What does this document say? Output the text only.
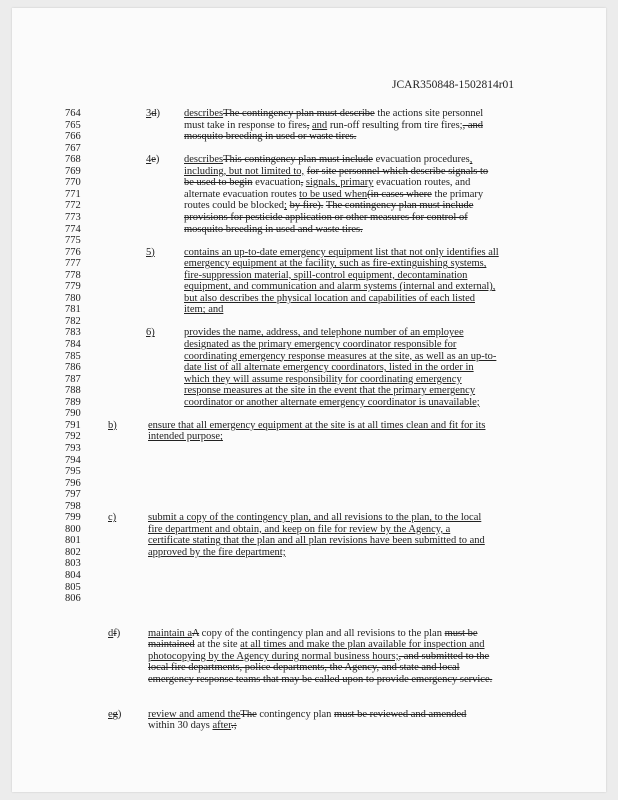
JCAR350848-1502814r01
764
765
766
767
768
769
770
771
772
773
774
775
776
777
778
779
780
781
782
783
784
785
786
787
788
789
790
791
792
793
794
795
796
797
798
799
800
801
802
803
804
805
806
3d) describesThe contingency plan must describe the actions site personnel
must take in response to fires, and run-off resulting from tire fires;, and
mosquito breeding in used or waste tires.
4e) describesThis contingency plan must include evacuation procedures,
including, but not limited to, for site personnel which describe signals to
be used to begin evacuation, signals, primary evacuation routes, and
alternate evacuation routes to be used when(in cases where the primary
routes could be blocked; by fire). The contingency plan must include
provisions for pesticide application or other measures for control of
mosquito breeding in used and waste tires.
5)	contains an up-to-date emergency equipment list that not only identifies all
emergency equipment at the facility, such as fire-extinguishing systems,
fire-suppression material, spill-control equipment, decontamination
equipment, and communication and alarm systems (internal and external),
but also describes the physical location and capabilities of each listed
item; and
6)	provides the name, address, and telephone number of an employee
designated as the primary emergency coordinator responsible for
coordinating emergency response measures at the site, as well as an up-to-
date list of all alternate emergency coordinators, listed in the order in
which they will assume responsibility for coordinating emergency
response measures at the site in the event that the primary emergency
coordinator or another alternate emergency coordinator is unavailable;
b)	ensure that all emergency equipment at the site is at all times clean and fit for its
intended purpose;
c)	submit a copy of the contingency plan, and all revisions to the plan, to the local
fire department and obtain, and keep on file for review by the Agency, a
certificate stating that the plan and all plan revisions have been submitted to and
approved by the fire department;
df)	maintain aA copy of the contingency plan and all revisions to the plan must be
maintained at the site at all times and make the plan available for inspection and
photocopying by the Agency during normal business hours;, and submitted to the
local fire departments, police departments, the Agency, and state and local
emergency response teams that may be called upon to provide emergency service.
eg)	review and amend theThe contingency plan must be reviewed and amended
within 30 days after.;
